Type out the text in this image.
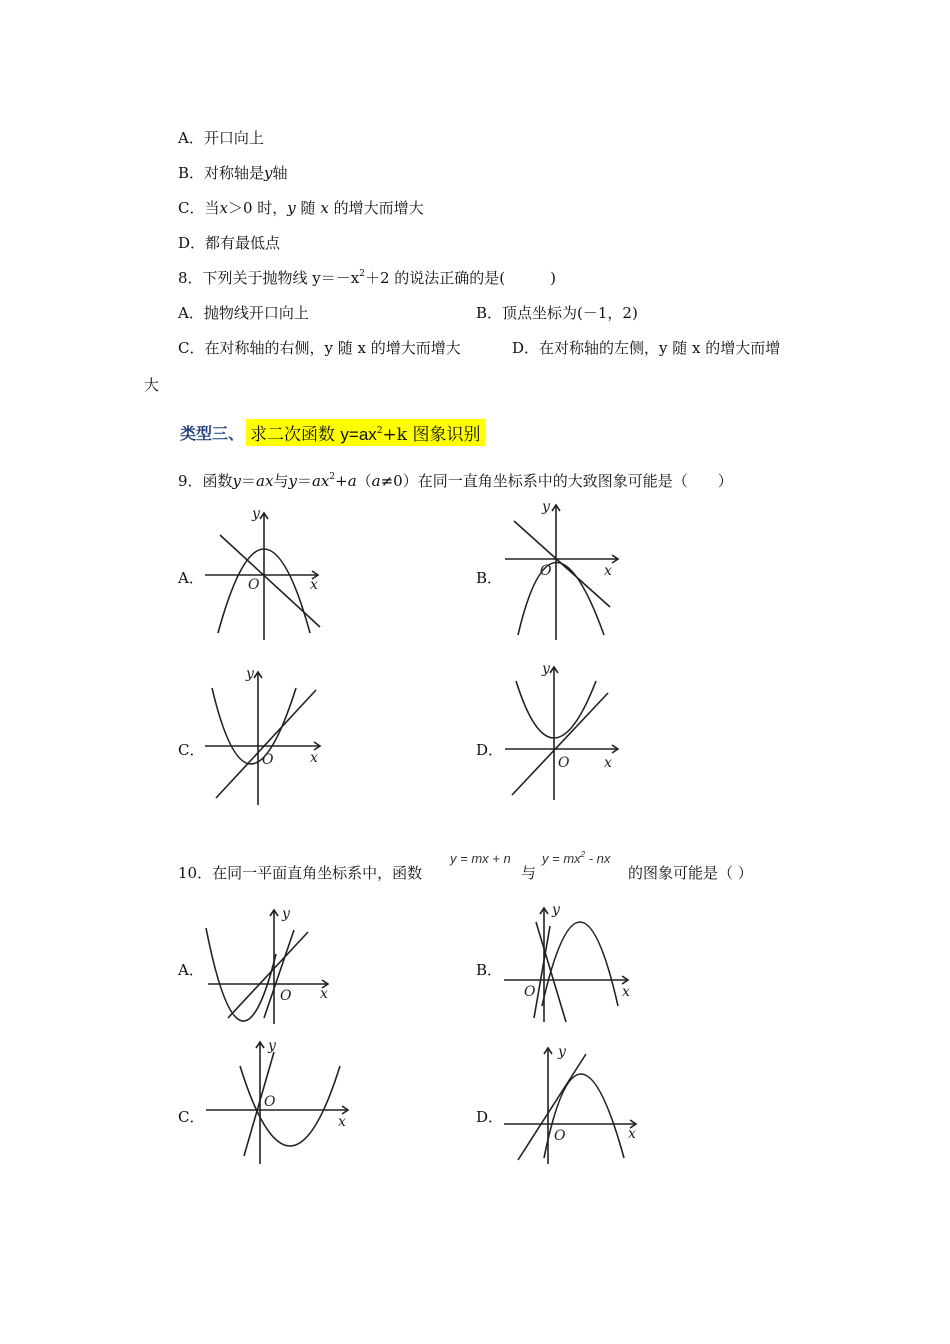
A．开口向上
B．对称轴是y轴
C．当x＞0 时，y 随 x 的增大而增大
D．都有最低点
8．下列关于抛物线 $y=-x^2+2$ 的说法正确的是(　　　)
A．抛物线开口向上	B．顶点坐标为(－1，2)
C．在对称轴的右侧，y 随 x 的增大而增大	D．在对称轴的左侧，y 随 x 的增大而增
大
类型三、 求二次函数 $y=ax^2+k$ 图象识别
9．函数y＝ax与$y=ax^2+a(a\ne 0)$在同一直角坐标系中的大致图象可能是（　　）
A．	B．
C．	D．
O	x
y
O	x
y
O	x
y
O x
y
10．在同一平面直角坐标系中，函数
y = mx + n
与
$y = mx^2$ - nx
的图象可能是（ ）
A．	B．
C．	D．
O x
y
O	x
y
O
x
y
O	x
y
